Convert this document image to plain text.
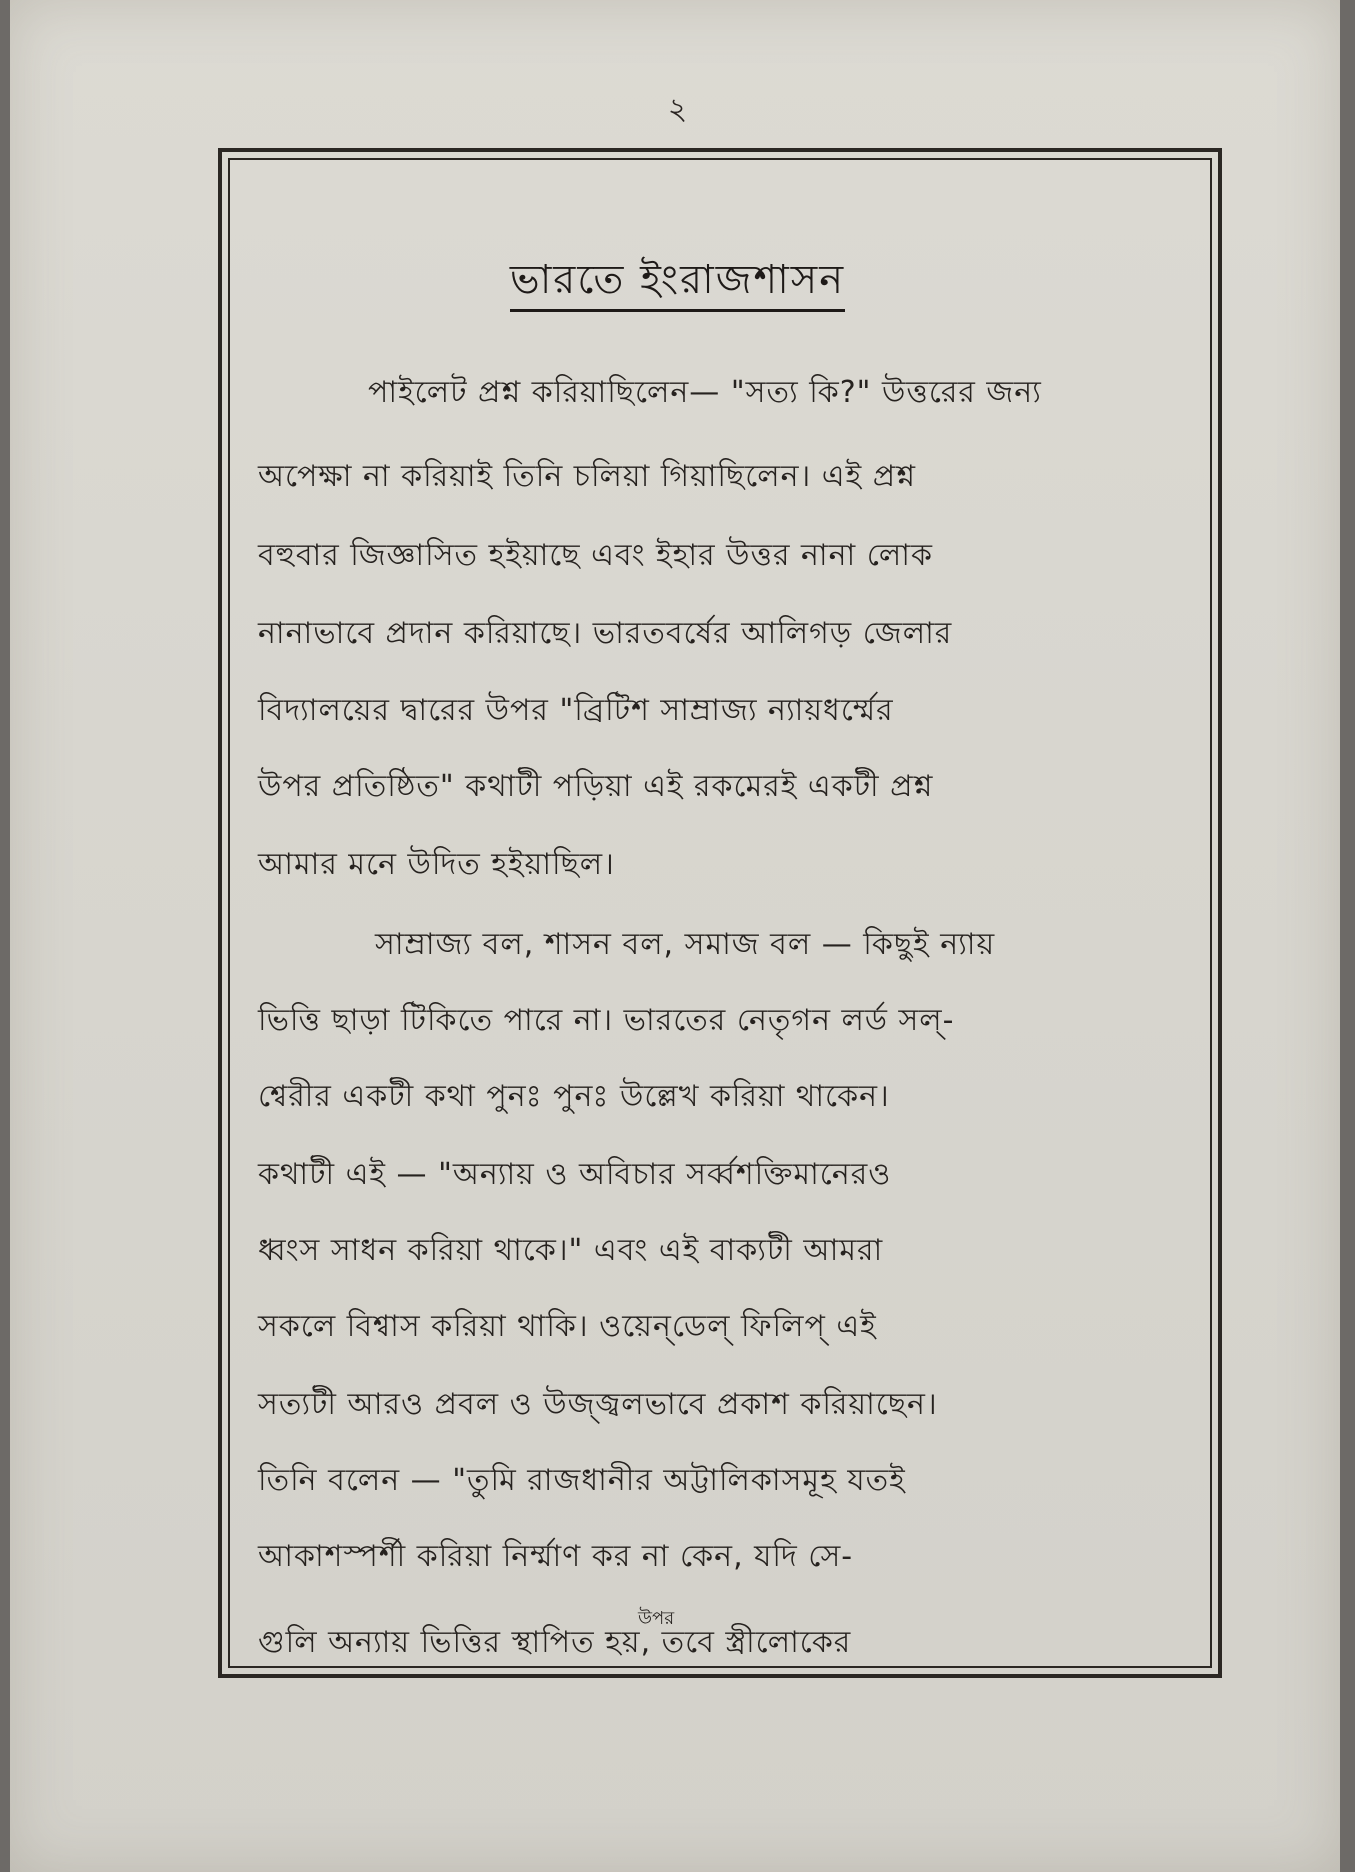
২
ভারতে ইংরাজশাসন
পাইলেট প্রশ্ন করিয়াছিলেন— "সত্য কি?" উত্তরের জন্য
অপেক্ষা না করিয়াই তিনি চলিয়া গিয়াছিলেন। এই প্রশ্ন
বহুবার জিজ্ঞাসিত হইয়াছে এবং ইহার উত্তর নানা লোক
নানাভাবে প্রদান করিয়াছে। ভারতবর্ষের আলিগড় জেলার
বিদ্যালয়ের দ্বারের উপর "ব্রিটিশ সাম্রাজ্য ন্যায়ধর্ম্মের
উপর প্রতিষ্ঠিত" কথাটী পড়িয়া এই রকমেরই একটী প্রশ্ন
আমার মনে উদিত হইয়াছিল।
সাম্রাজ্য বল, শাসন বল, সমাজ বল — কিছুই ন্যায়
ভিত্তি ছাড়া টিকিতে পারে না। ভারতের নেতৃগন লর্ড সল্‌-
শ্বেরীর একটী কথা পুনঃ পুনঃ উল্লেখ করিয়া থাকেন।
কথাটী এই — "অন্যায় ও অবিচার সর্ব্বশক্তিমানেরও
ধ্বংস সাধন করিয়া থাকে।" এবং এই বাক্যটী আমরা
সকলে বিশ্বাস করিয়া থাকি। ওয়েন্‌ডেল্‌ ফিলিপ্‌ এই
সত্যটী আরও প্রবল ও উজ্জ্বলভাবে প্রকাশ করিয়াছেন।
তিনি বলেন — "তুমি রাজধানীর অট্টালিকাসমূহ যতই
আকাশস্পর্শী করিয়া নির্ম্মাণ কর না কেন, যদি সে-
উপর
গুলি অন্যায় ভিত্তির স্থাপিত হয়, তবে স্ত্রীলোকের
